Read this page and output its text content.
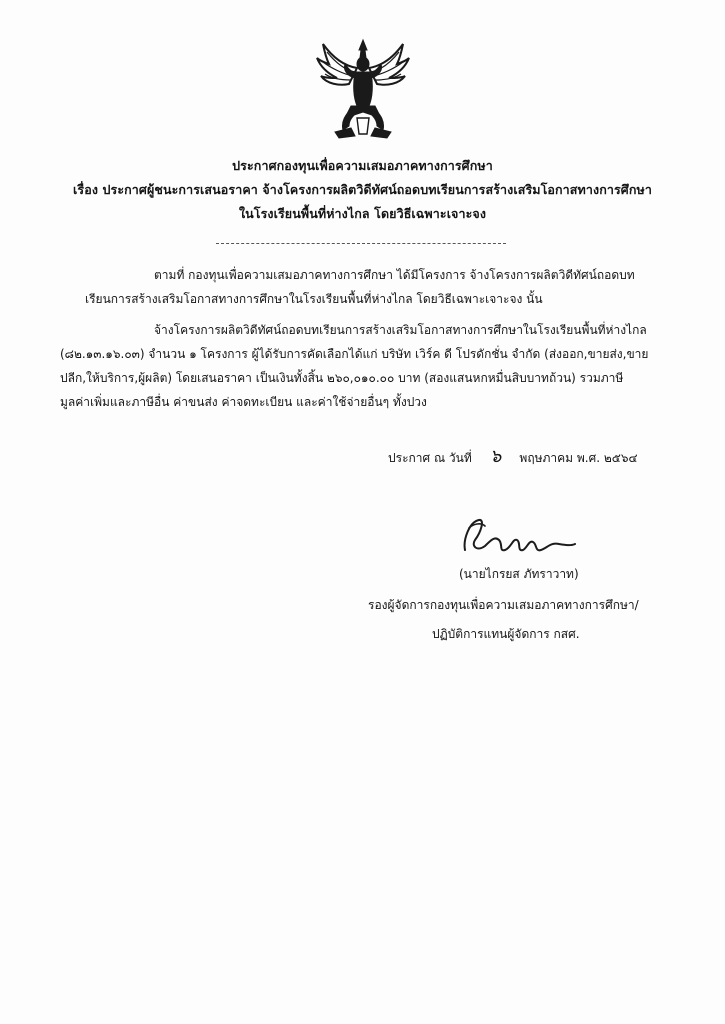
ประกาศกองทุนเพื่อความเสมอภาคทางการศึกษา
เรื่อง ประกาศผู้ชนะการเสนอราคา จ้างโครงการผลิตวิดีทัศน์ถอดบทเรียนการสร้างเสริมโอกาสทางการศึกษา
ในโรงเรียนพื้นที่ห่างไกล โดยวิธีเฉพาะเจาะจง
ตามที่ กองทุนเพื่อความเสมอภาคทางการศึกษา ได้มีโครงการ จ้างโครงการผลิตวิดีทัศน์ถอดบท
เรียนการสร้างเสริมโอกาสทางการศึกษาในโรงเรียนพื้นที่ห่างไกล โดยวิธีเฉพาะเจาะจง นั้น
จ้างโครงการผลิตวิดีทัศน์ถอดบทเรียนการสร้างเสริมโอกาสทางการศึกษาในโรงเรียนพื้นที่ห่างไกล
(๘๒.๑๓.๑๖.๐๓) จำนวน ๑ โครงการ ผู้ได้รับการคัดเลือกได้แก่ บริษัท เวิร์ค ดี โปรดักชั่น จำกัด (ส่งออก,ขายส่ง,ขาย
ปลีก,ให้บริการ,ผู้ผลิต) โดยเสนอราคา เป็นเงินทั้งสิ้น ๒๖๐,๐๑๐.๐๐ บาท (สองแสนหกหมื่นสิบบาทถ้วน) รวมภาษี
มูลค่าเพิ่มและภาษีอื่น ค่าขนส่ง ค่าจดทะเบียน และค่าใช้จ่ายอื่นๆ ทั้งปวง
ประกาศ ณ วันที่ ๖ พฤษภาคม พ.ศ. ๒๕๖๔
(นายไกรยส ภัทราวาท)
รองผู้จัดการกองทุนเพื่อความเสมอภาคทางการศึกษา/
ปฏิบัติการแทนผู้จัดการ กสศ.
